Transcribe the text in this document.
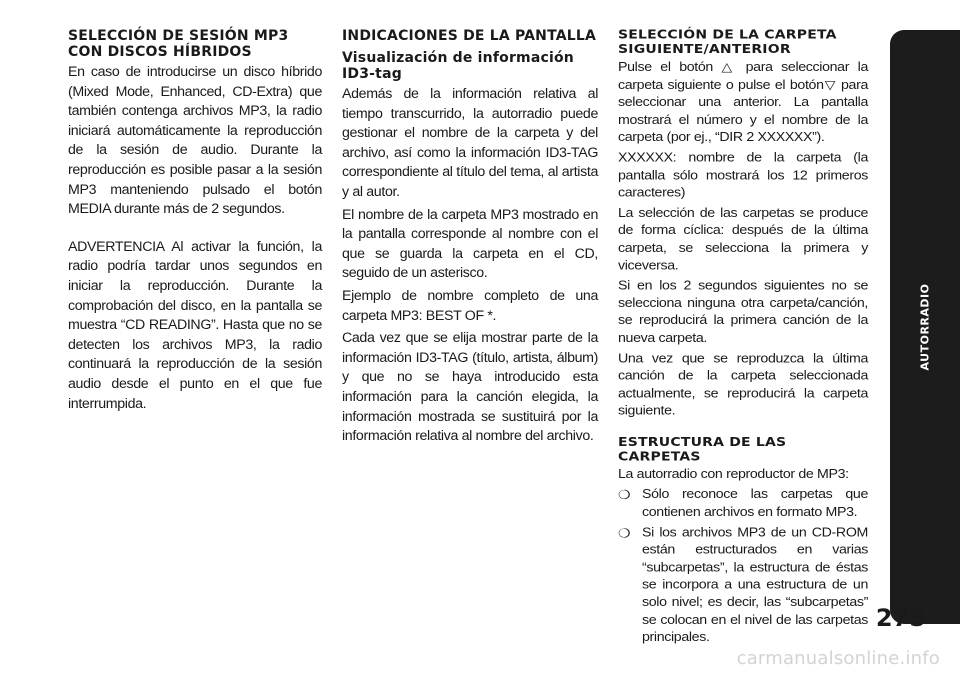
SELECCIÓN DE SESIÓN MP3 CON DISCOS HÍBRIDOS

En caso de introducirse un disco híbrido (Mixed Mode, Enhanced, CD-Extra) que también contenga archivos MP3, la radio iniciará automáticamente la reproducción de la sesión de audio. Durante la reproducción es posible pasar a la sesión MP3 manteniendo pulsado el botón MEDIA durante más de 2 segundos.

ADVERTENCIA Al activar la función, la radio podría tardar unos segundos en iniciar la reproducción. Durante la comprobación del disco, en la pantalla se muestra “CD READING”. Hasta que no se detecten los archivos MP3, la radio continuará la reproducción de la sesión audio desde el punto en el que fue interrumpida.

INDICACIONES DE LA PANTALLA
Visualización de información ID3-tag

Además de la información relativa al tiempo transcurrido, la autorradio puede gestionar el nombre de la carpeta y del archivo, así como la información ID3-TAG correspondiente al título del tema, al artista y al autor.

El nombre de la carpeta MP3 mostrado en la pantalla corresponde al nombre con el que se guarda la carpeta en el CD, seguido de un asterisco.

Ejemplo de nombre completo de una carpeta MP3: BEST OF *.

Cada vez que se elija mostrar parte de la información ID3-TAG (título, artista, álbum) y que no se haya introducido esta información para la canción elegida, la información mostrada se sustituirá por la información relativa al nombre del archivo.

SELECCIÓN DE LA CARPETA SIGUIENTE/ANTERIOR

Pulse el botón △ para seleccionar la carpeta siguiente o pulse el botón▽ para seleccionar una anterior. La pantalla mostrará el número y el nombre de la carpeta (por ej., “DIR 2 XXXXXX”).

XXXXXX: nombre de la carpeta (la pantalla sólo mostrará los 12 primeros caracteres)

La selección de las carpetas se produce de forma cíclica: después de la última carpeta, se selecciona la primera y viceversa.

Si en los 2 segundos siguientes no se selecciona ninguna otra carpeta/canción, se reproducirá la primera canción de la nueva carpeta.

Una vez que se reproduzca la última canción de la carpeta seleccionada actualmente, se reproducirá la carpeta siguiente.

ESTRUCTURA DE LAS CARPETAS

La autorradio con reproductor de MP3:

❍ Sólo reconoce las carpetas que contienen archivos en formato MP3.

❍ Si los archivos MP3 de un CD-ROM están estructurados en varias “subcarpetas”, la estructura de éstas se incorpora a una estructura de un solo nivel; es decir, las “subcarpetas” se colocan en el nivel de las carpetas principales.

AUTORRADIO
275
carmanualsonline.info
